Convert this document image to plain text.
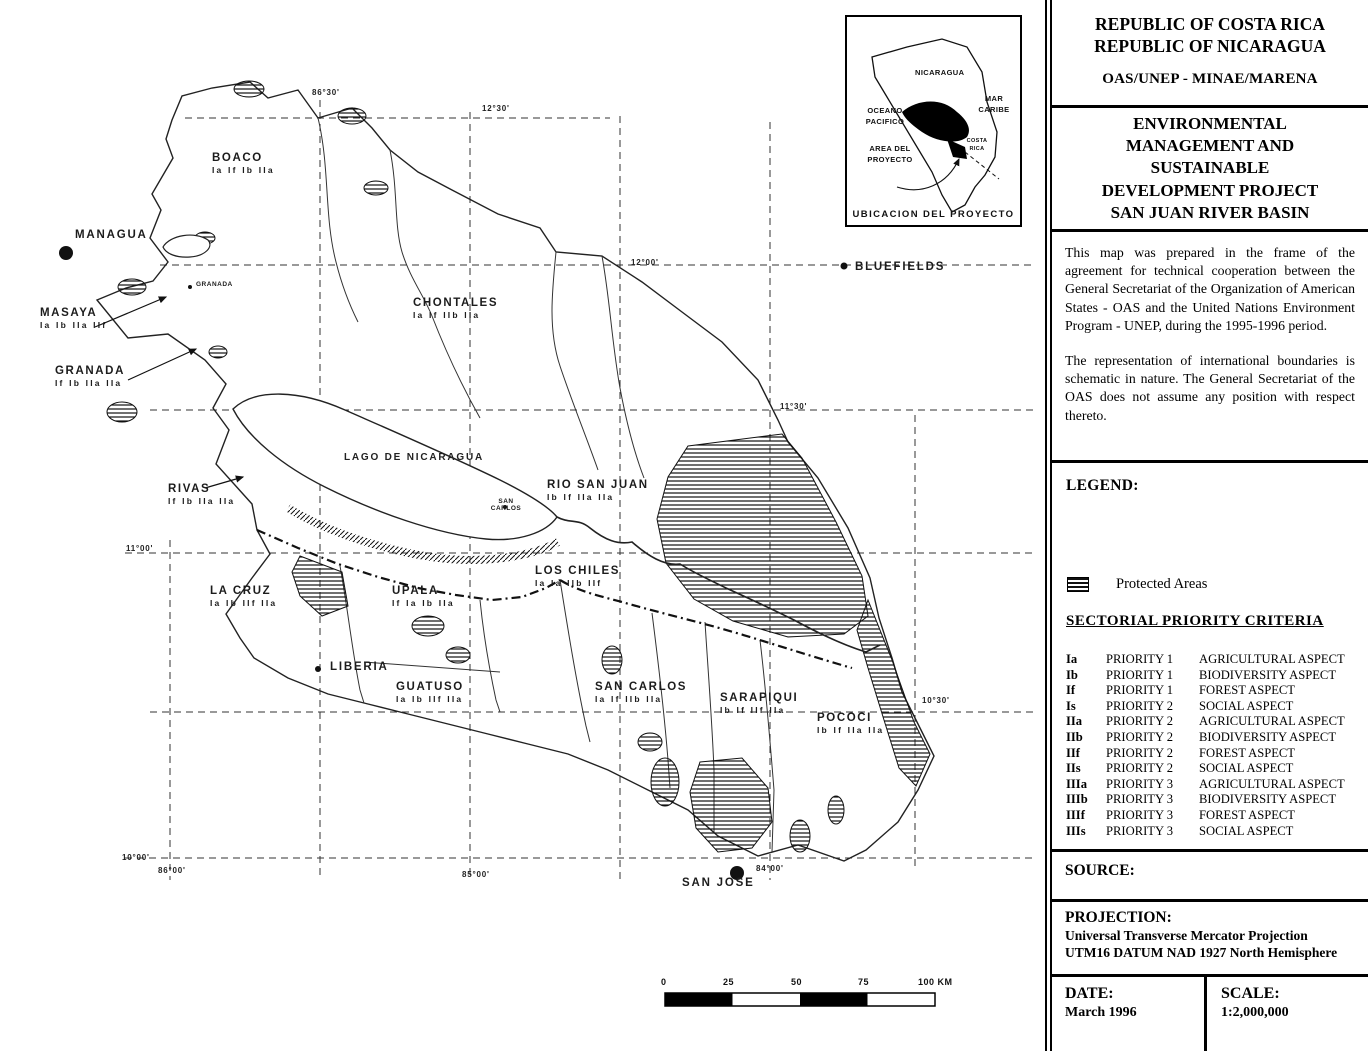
BOACO
Ia If Ib IIa
CHONTALES
Ia If IIb IIa
MASAYA
Ia Ib IIa IIf
GRANADA
If Ib IIa IIa
RIVAS
If Ib IIa IIa
RIO SAN JUAN
Ib If IIa IIa
LA CRUZ
Ia Ib IIf IIa
UPALA
If Ia Ib IIa
LOS CHILES
Ia Ia IIb IIf
GUATUSO
Ia Ib IIf IIa
SAN CARLOS
Ia If IIb IIa	SARAPIQUI
Ib If IIf IIa
POCOCI
Ib If IIa IIa
MANAGUA
GRANADA
SAN CARLOS
BLUEFIELDS
LIBERIA
SAN JOSE
LAGO DE NICARAGUA
86°30'
12°30'
12°00'
11°30'
11°00'
10°30'
10°00'
86°00'	85°00'
84°00'
0	25	50	75	100 KM
NICARAGUA
OCEANO PACIFICO
MAR CARIBE
AREA DEL PROYECTO
COSTA RICA
UBICACION DEL PROYECTO
REPUBLIC OF COSTA RICA
REPUBLIC OF NICARAGUA
OAS/UNEP - MINAE/MARENA
ENVIRONMENTAL MANAGEMENT AND SUSTAINABLE DEVELOPMENT PROJECT SAN JUAN RIVER BASIN

This map was prepared in the frame of the agreement for technical cooperation between the General Secretariat of the Organization of American States - OAS and the United Nations Environment Program - UNEP, during the 1995-1996 period.

The representation of international boundaries is schematic in nature. The General Secretariat of the OAS does not assume any position with respect thereto.

LEGEND:
Protected Areas
SECTORIAL PRIORITY CRITERIA
Ia	PRIORITY 1	AGRICULTURAL ASPECT
Ib	PRIORITY 1	BIODIVERSITY ASPECT
If	PRIORITY 1	FOREST ASPECT
Is	PRIORITY 2	SOCIAL ASPECT
IIa	PRIORITY 2	AGRICULTURAL ASPECT
IIb	PRIORITY 2	BIODIVERSITY ASPECT
IIf	PRIORITY 2	FOREST ASPECT
IIs	PRIORITY 2	SOCIAL ASPECT
IIIa	PRIORITY 3	AGRICULTURAL ASPECT
IIIb	PRIORITY 3	BIODIVERSITY ASPECT
IIIf	PRIORITY 3	FOREST ASPECT
IIIs	PRIORITY 3	SOCIAL ASPECT
SOURCE:
PROJECTION:
Universal Transverse Mercator Projection
UTM16 DATUM NAD 1927 North Hemisphere
DATE:
March 1996
SCALE:
1:2,000,000
